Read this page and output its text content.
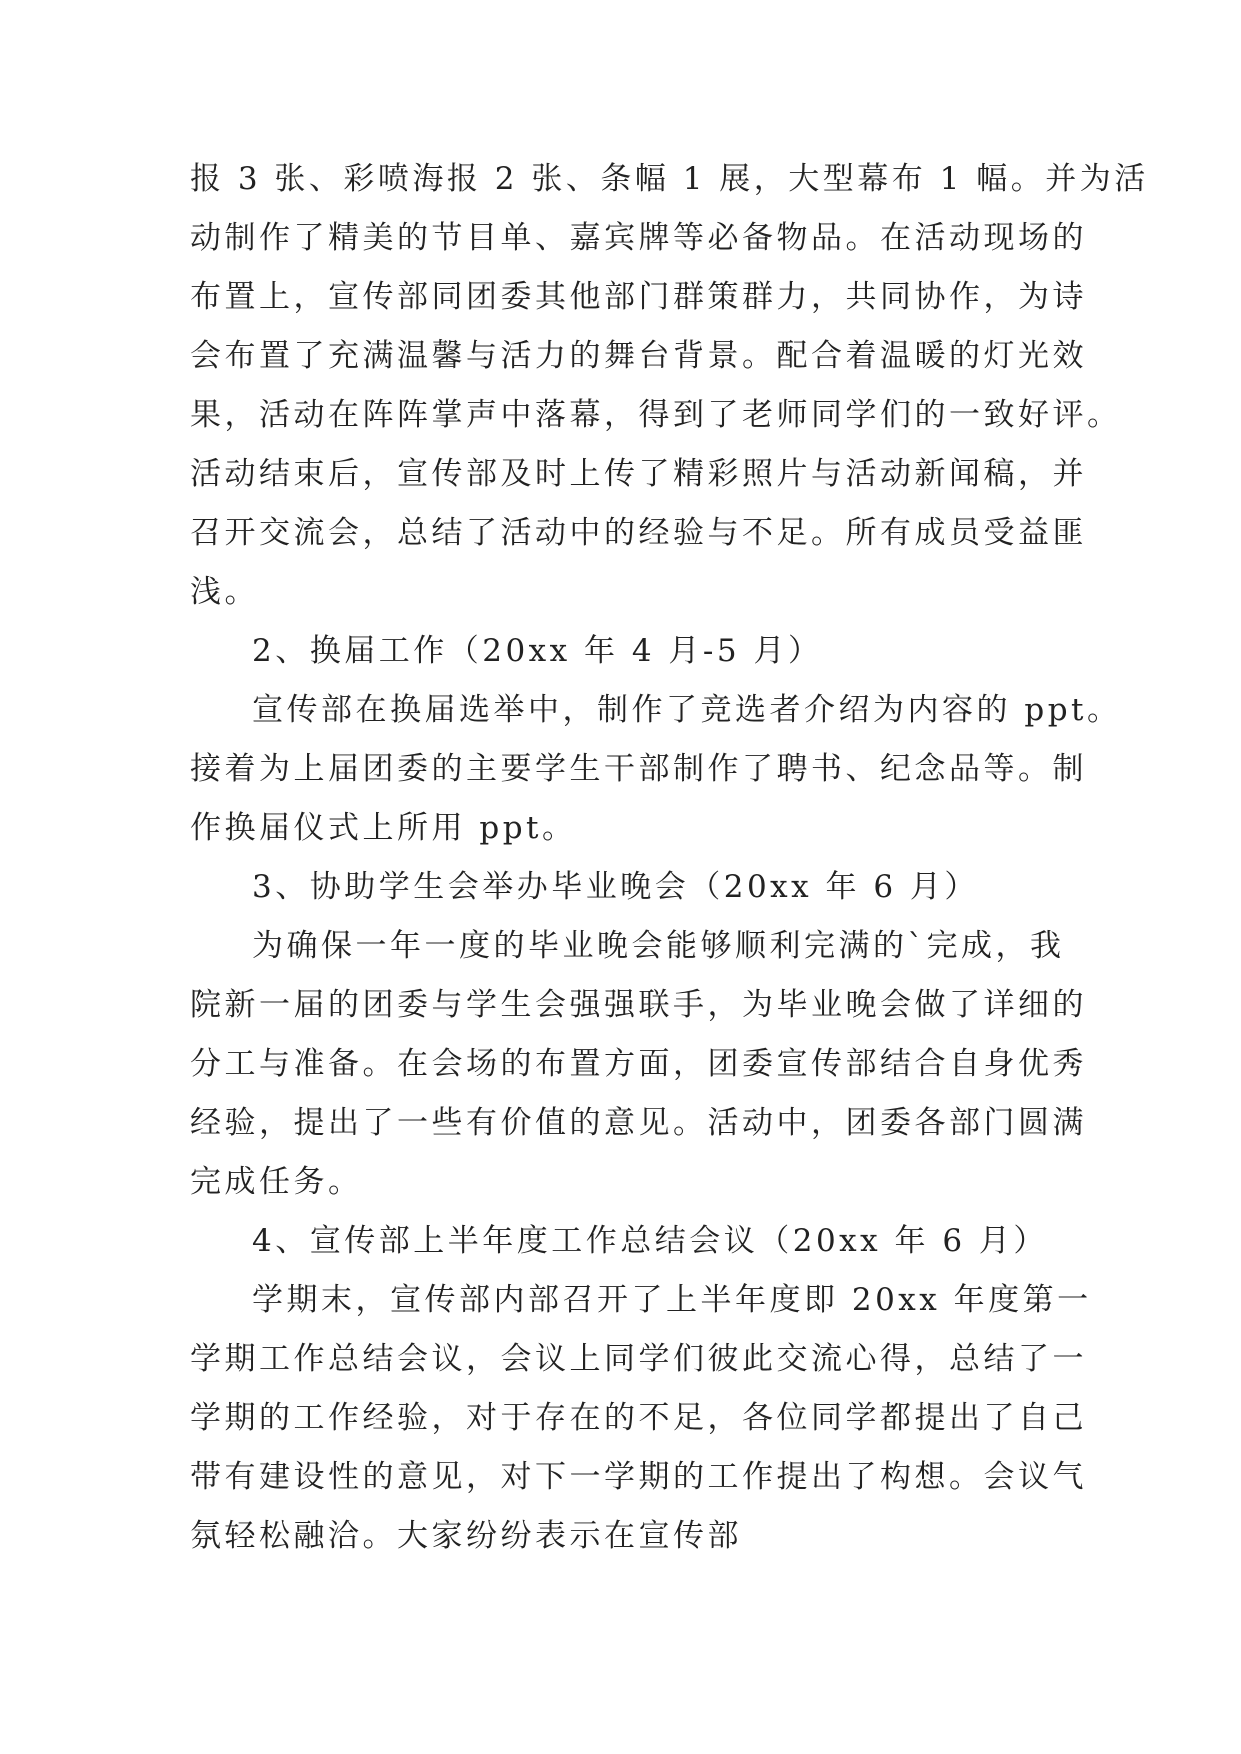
报 3 张、彩喷海报 2 张、条幅 1 展，大型幕布 1 幅。并为活
动制作了精美的节目单、嘉宾牌等必备物品。在活动现场的
布置上，宣传部同团委其他部门群策群力，共同协作，为诗
会布置了充满温馨与活力的舞台背景。配合着温暖的灯光效
果，活动在阵阵掌声中落幕，得到了老师同学们的一致好评。
活动结束后，宣传部及时上传了精彩照片与活动新闻稿，并
召开交流会，总结了活动中的经验与不足。所有成员受益匪
浅。
2、换届工作（20xx 年 4 月-5 月）
宣传部在换届选举中，制作了竞选者介绍为内容的 ppt。
接着为上届团委的主要学生干部制作了聘书、纪念品等。制
作换届仪式上所用 ppt。
3、协助学生会举办毕业晚会（20xx 年 6 月）
为确保一年一度的毕业晚会能够顺利完满的`完成，我
院新一届的团委与学生会强强联手，为毕业晚会做了详细的
分工与准备。在会场的布置方面，团委宣传部结合自身优秀
经验，提出了一些有价值的意见。活动中，团委各部门圆满
完成任务。
4、宣传部上半年度工作总结会议（20xx 年 6 月）
学期末，宣传部内部召开了上半年度即 20xx 年度第一
学期工作总结会议，会议上同学们彼此交流心得，总结了一
学期的工作经验，对于存在的不足，各位同学都提出了自己
带有建设性的意见，对下一学期的工作提出了构想。会议气
氛轻松融洽。大家纷纷表示在宣传部
